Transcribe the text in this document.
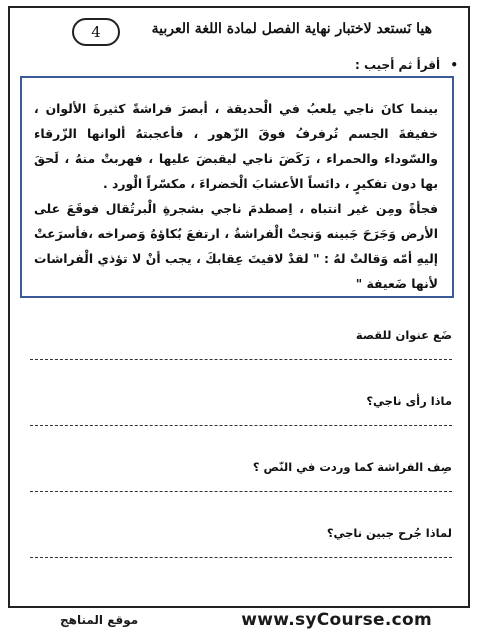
4	هيا نَستعد لاختبار نهاية الفصل لمادة اللغة العربية
• أقرأ ثم أجيب :

بينما كانَ ناجي يلعبُ في الْحديقة ، أبصرَ فراشةً كثيرةَ الألوان ، خفيفةَ الجسم تُرفرفُ فوقَ الزّهور ، فأعجبتهُ ألوانها الزّرقاء والسّوداء والحمراء ، رَكَضَ ناجي ليقبضَ عليها ، فهربتْ منهُ ، لَحقَ بها دون تفكيرٍ ، دائساً الأعشابَ الْخضراءَ ، مكسّراً الْورد .

فجأةً ومِن غير انتباه ، اِصطدمَ ناجي بشجرةِ الْبرتُقال فوقَعَ على الأرض وَجَرَحَ جَبينه وَنجتْ الْفراشةُ ، ارتفعَ بُكاؤهُ وَصراخه ،فأسرَعتْ إليهِ أمّه وَقالتْ لهُ : " لقدْ لاقيتَ عِقابكَ ، يجب أنْ لا تؤذي الْفراشات لأنها ضَعيفة "

ضَع عنوان للقصة
ماذا رأى ناجي؟
صِف الفراشة كما وردت في النّص ؟
لماذا جُرح جبين ناجي؟
موقع المناهج	www.syCourse.com
